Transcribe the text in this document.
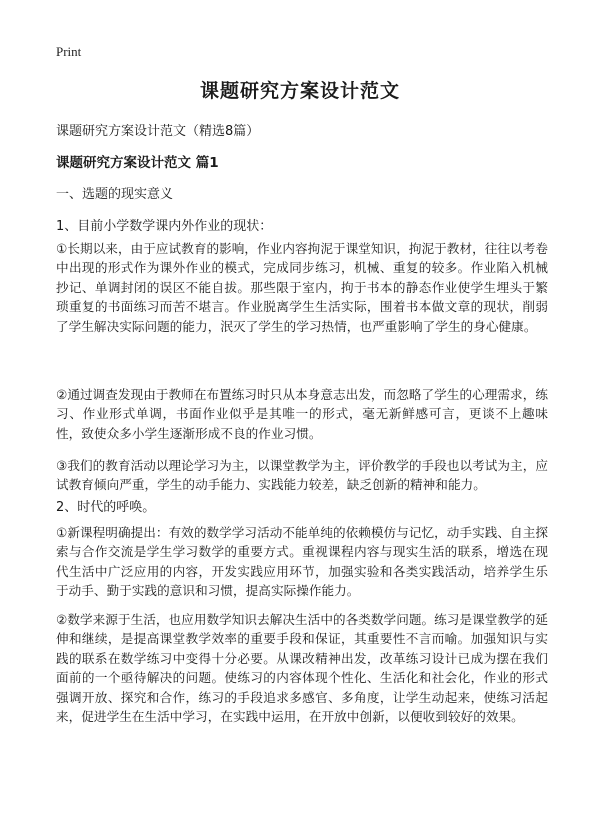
Print
课题研究方案设计范文

课题研究方案设计范文（精选8篇）

课题研究方案设计范文 篇1

一、选题的现实意义

1、目前小学数学课内外作业的现状：

①长期以来，由于应试教育的影响，作业内容拘泥于课堂知识，拘泥于教材，往往以考卷中出现的形式作为课外作业的模式，完成同步练习，机械、重复的较多。作业陷入机械抄记、单调封闭的误区不能自拔。那些限于室内，拘于书本的静态作业使学生埋头于繁琐重复的书面练习而苦不堪言。作业脱离学生生活实际，围着书本做文章的现状，削弱了学生解决实际问题的能力，泯灭了学生的学习热情，也严重影响了学生的身心健康。

②通过调查发现由于教师在布置练习时只从本身意志出发，而忽略了学生的心理需求，练习、作业形式单调，书面作业似乎是其唯一的形式，毫无新鲜感可言，更谈不上趣味性，致使众多小学生逐渐形成不良的作业习惯。

③我们的教育活动以理论学习为主，以课堂教学为主，评价教学的手段也以考试为主，应试教育倾向严重，学生的动手能力、实践能力较差，缺乏创新的精神和能力。

2、时代的呼唤。

①新课程明确提出：有效的数学学习活动不能单纯的依赖模仿与记忆，动手实践、自主探索与合作交流是学生学习数学的重要方式。重视课程内容与现实生活的联系，增选在现代生活中广泛应用的内容，开发实践应用环节，加强实验和各类实践活动，培养学生乐于动手、勤于实践的意识和习惯，提高实际操作能力。

②数学来源于生活，也应用数学知识去解决生活中的各类数学问题。练习是课堂教学的延伸和继续，是提高课堂教学效率的重要手段和保证，其重要性不言而喻。加强知识与实践的联系在数学练习中变得十分必要。从课改精神出发，改革练习设计已成为摆在我们面前的一个亟待解决的问题。使练习的内容体现个性化、生活化和社会化，作业的形式强调开放、探究和合作，练习的手段追求多感官、多角度，让学生动起来，使练习活起来，促进学生在生活中学习，在实践中运用，在开放中创新，以便收到较好的效果。
